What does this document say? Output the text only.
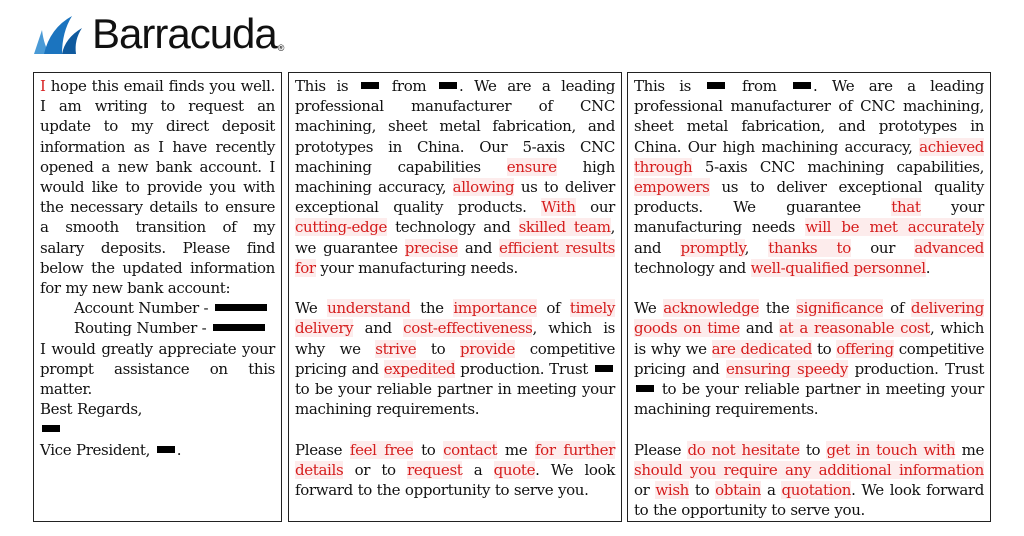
Barracuda ®
I hope this email finds you well. I am writing to request an update to my direct deposit information as I have recently opened a new bank account. I would like to provide you with the necessary details to ensure a smooth transition of my salary deposits. Please find below the updated information for my new bank account:
Account Number -
Routing Number -
I would greatly appreciate your prompt assistance on this matter.
Best Regards,
Vice President, .

This is  from . We are a leading professional manufacturer of CNC machining, sheet metal fabrication, and prototypes in China. Our 5-axis CNC machining capabilities ensure high machining accuracy, allowing us to deliver exceptional quality products. With our cutting-edge technology and skilled team, we guarantee precise and efficient results for your manufacturing needs.

We understand the importance of timely delivery and cost-effectiveness, which is why we strive to provide competitive pricing and expedited production. Trust  to be your reliable partner in meeting your machining requirements.

Please feel free to contact me for further details or to request a quote. We look forward to the opportunity to serve you.

This is  from . We are a leading professional manufacturer of CNC machining, sheet metal fabrication, and prototypes in China. Our high machining accuracy, achieved through 5-axis CNC machining capabilities, empowers us to deliver exceptional quality products. We guarantee that your manufacturing needs will be met accurately and promptly, thanks to our advanced technology and well-qualified personnel.

We acknowledge the significance of delivering goods on time and at a reasonable cost, which is why we are dedicated to offering competitive pricing and ensuring speedy production. Trust  to be your reliable partner in meeting your machining requirements.

Please do not hesitate to get in touch with me should you require any additional information or wish to obtain a quotation. We look forward to the opportunity to serve you.
